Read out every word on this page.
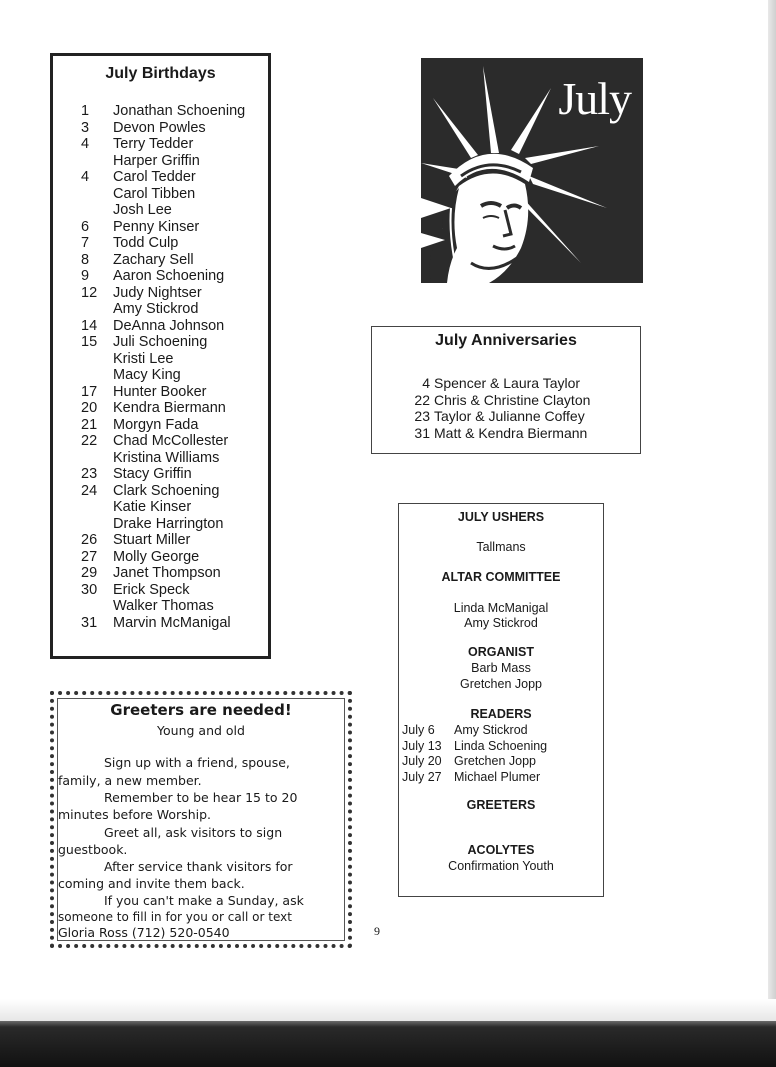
July Birthdays
1	Jonathan Schoening
3	Devon Powles
4	Terry Tedder
Harper Griffin
4	Carol Tedder
Carol Tibben
Josh Lee
6	Penny Kinser
7	Todd Culp
8	Zachary Sell
9	Aaron Schoening
12 Judy Nightser
Amy Stickrod
14 DeAnna Johnson
15 Juli Schoening
Kristi Lee
Macy King
17 Hunter Booker
20 Kendra Biermann
21 Morgyn Fada
22 Chad McCollester
Kristina Williams
23 Stacy Griffin
24 Clark Schoening
Katie Kinser
Drake Harrington
26 Stuart Miller
27 Molly George
29 Janet Thompson
30 Erick Speck
Walker Thomas
31 Marvin McManigal
July
July Anniversaries
4 Spencer & Laura Taylor
22 Chris & Christine Clayton
23 Taylor & Julianne Coffey
31 Matt & Kendra Biermann
JULY USHERS
Tallmans
ALTAR COMMITTEE
Linda McManigal
Amy Stickrod
ORGANIST
Barb Mass
Gretchen Jopp
READERS
July 6 Amy Stickrod
July 13 Linda Schoening
July 20 Gretchen Jopp
July 27 Michael Plumer
GREETERS
ACOLYTES
Confirmation Youth
Greeters are needed!
Young and old
Sign up with a friend, spouse,
family, a new member.
Remember to be hear 15 to 20
minutes before Worship.
Greet all, ask visitors to sign
guestbook.
After service thank visitors for
coming and invite them back.
If you can't make a Sunday, ask
someone to fill in for you or call or text
Gloria Ross (712) 520-0540	9
